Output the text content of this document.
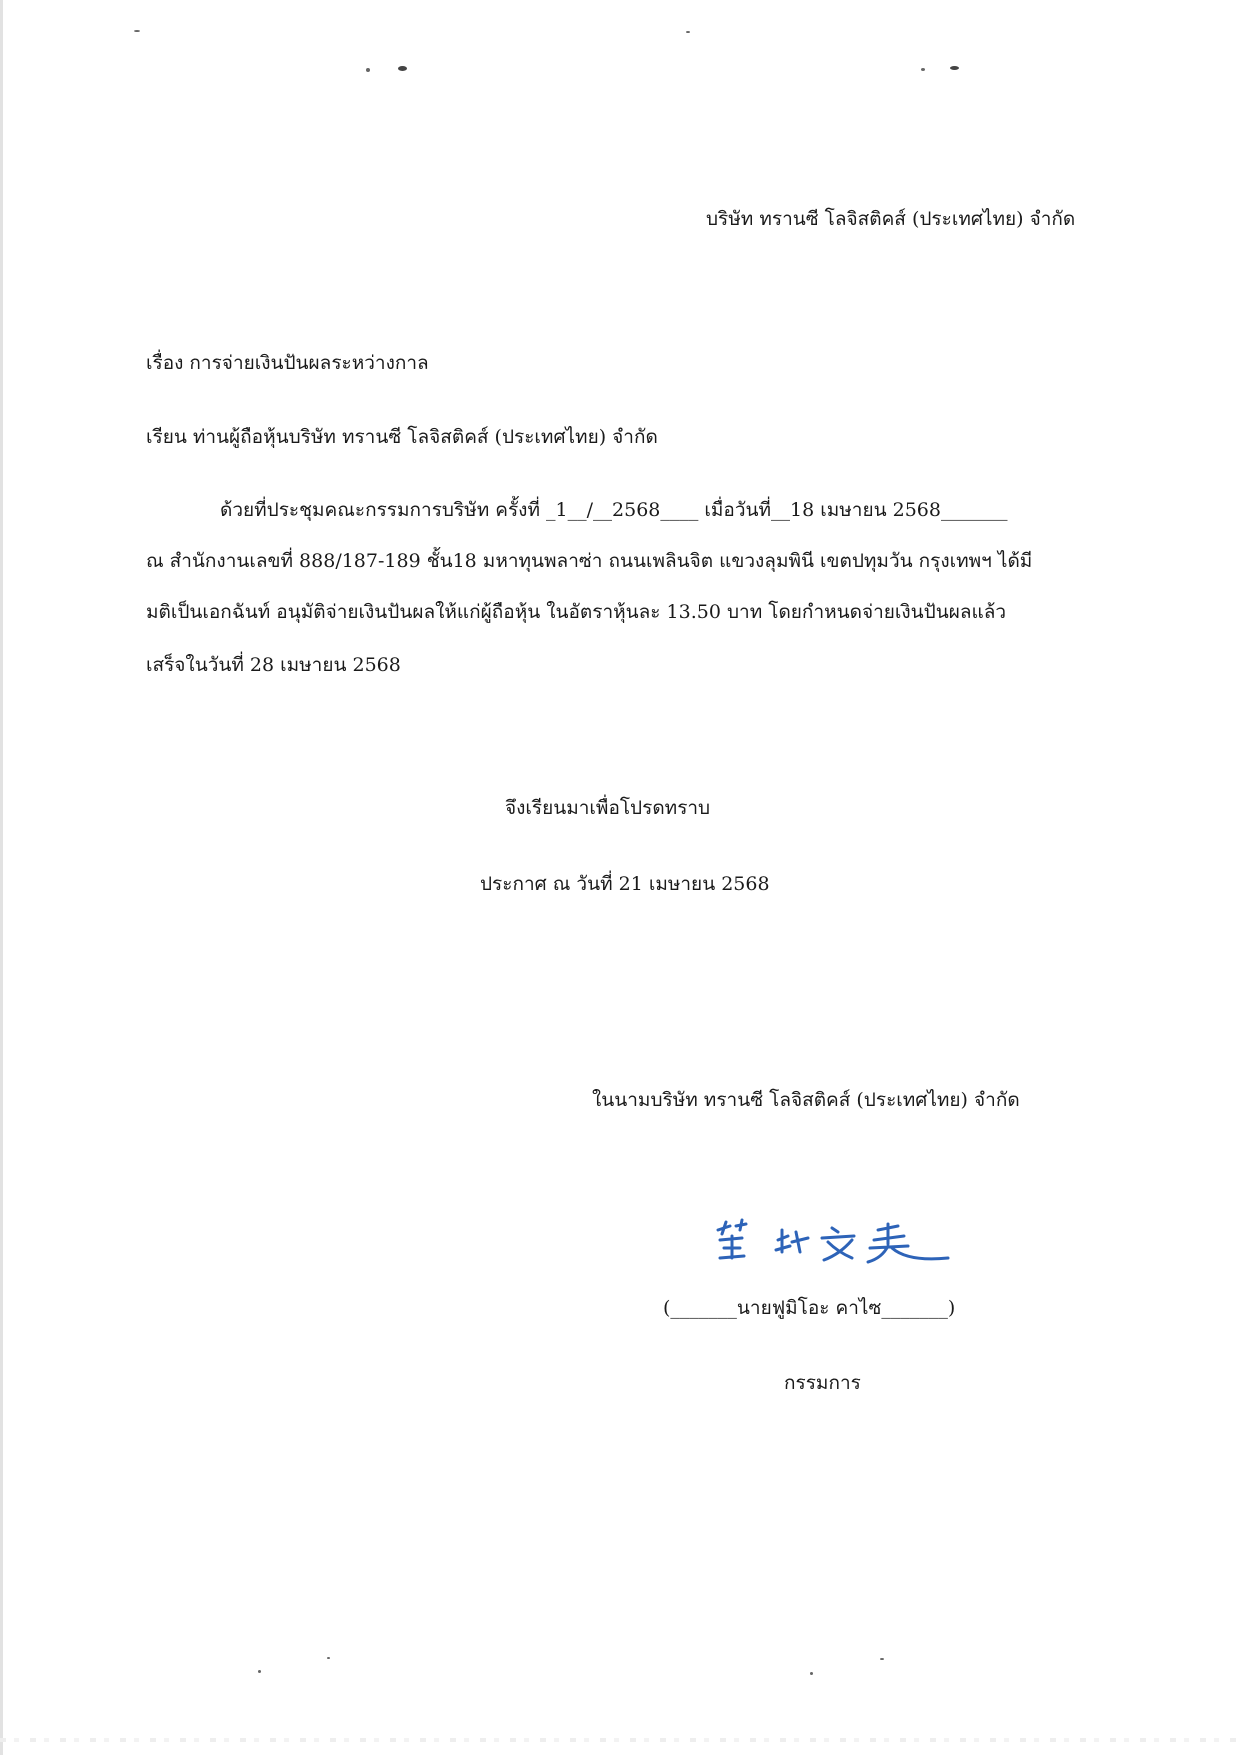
บริษัท ทรานซี โลจิสติคส์ (ประเทศไทย) จำกัด
เรื่อง การจ่ายเงินปันผลระหว่างกาล
เรียน ท่านผู้ถือหุ้นบริษัท ทรานซี โลจิสติคส์ (ประเทศไทย) จำกัด
ด้วยที่ประชุมคณะกรรมการบริษัท ครั้งที่ _1__/__2568____ เมื่อวันที่__18 เมษายน 2568_______
ณ สำนักงานเลขที่ 888/187-189 ชั้น18 มหาทุนพลาซ่า ถนนเพลินจิต แขวงลุมพินี เขตปทุมวัน กรุงเทพฯ ได้มี
มติเป็นเอกฉันท์ อนุมัติจ่ายเงินปันผลให้แก่ผู้ถือหุ้น ในอัตราหุ้นละ 13.50 บาท โดยกำหนดจ่ายเงินปันผลแล้ว
เสร็จในวันที่ 28 เมษายน 2568
จึงเรียนมาเพื่อโปรดทราบ
ประกาศ ณ วันที่ 21 เมษายน 2568
ในนามบริษัท ทรานซี โลจิสติคส์ (ประเทศไทย) จำกัด
(_______นายฟูมิโอะ คาไซ_______)
กรรมการ
